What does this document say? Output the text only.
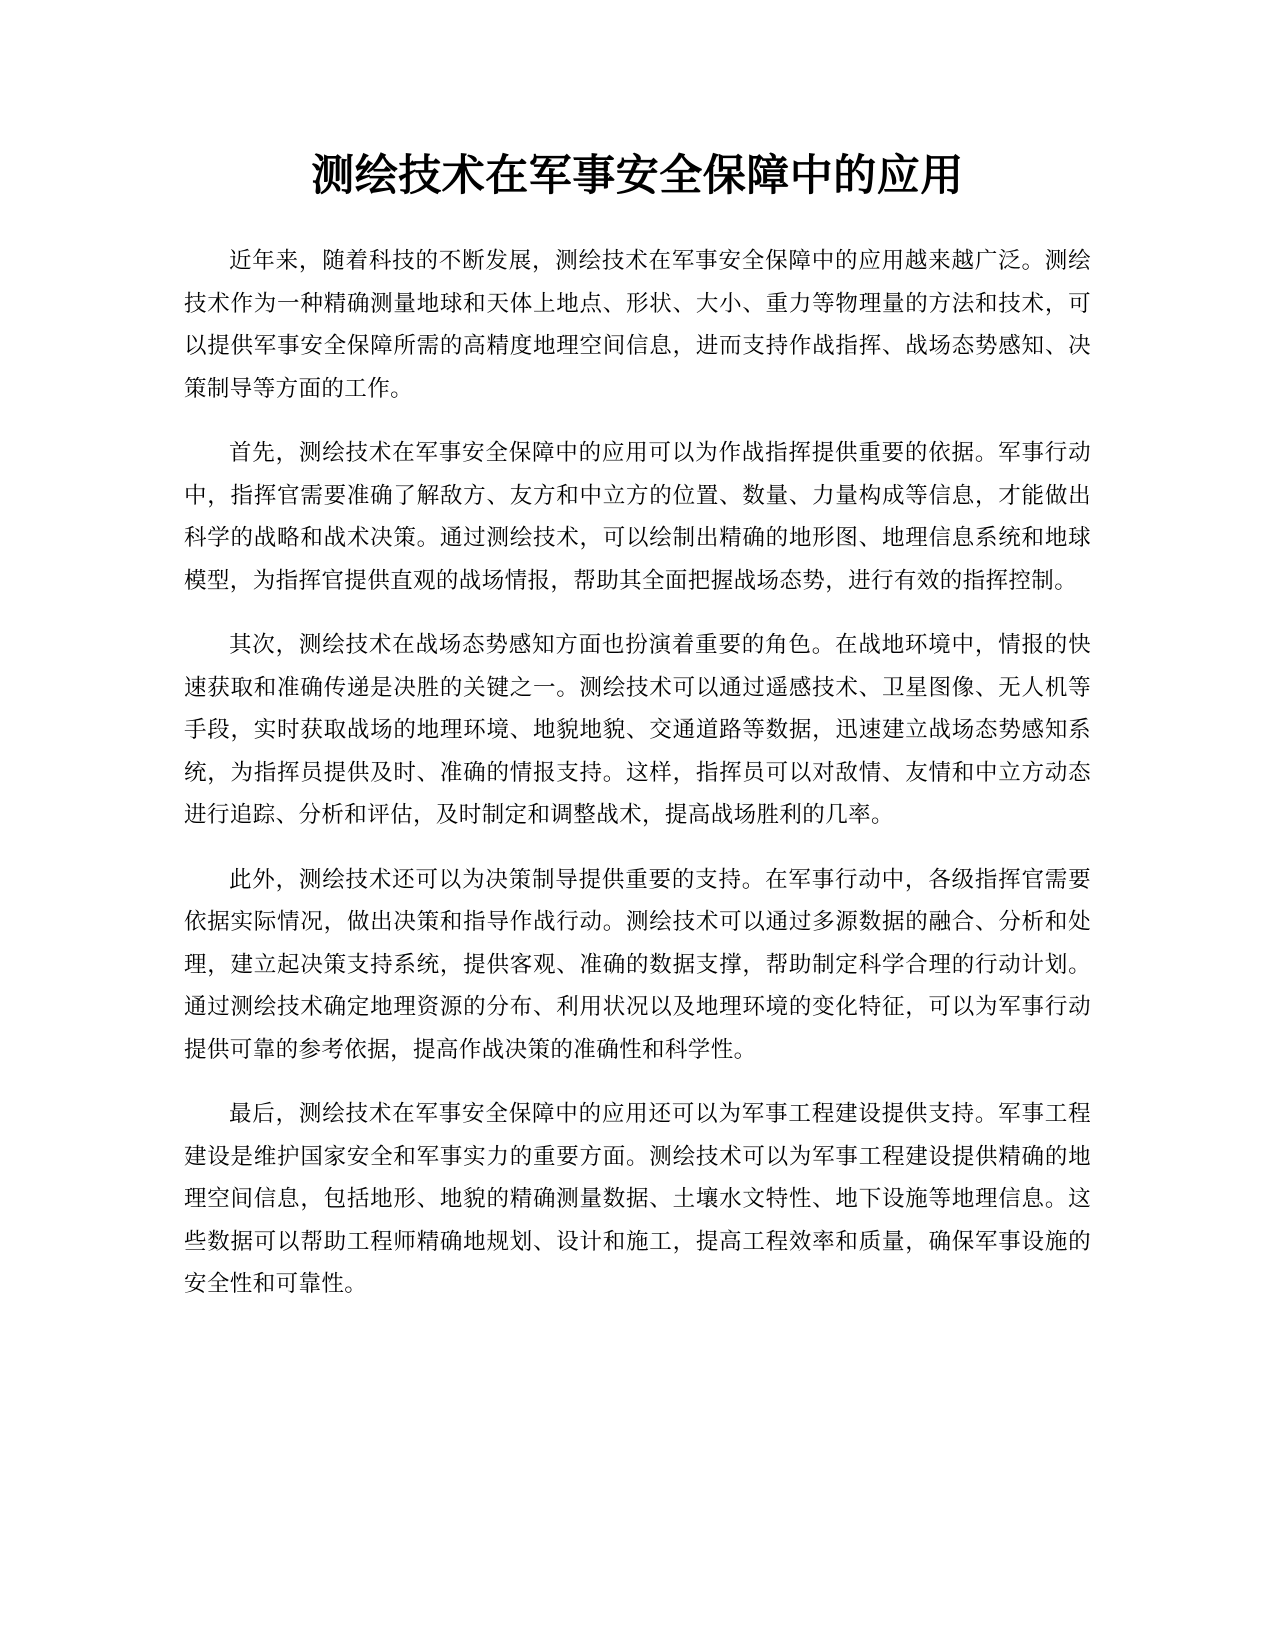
测绘技术在军事安全保障中的应用

近年来，随着科技的不断发展，测绘技术在军事安全保障中的应用越来越广泛。测绘技术作为一种精确测量地球和天体上地点、形状、大小、重力等物理量的方法和技术，可以提供军事安全保障所需的高精度地理空间信息，进而支持作战指挥、战场态势感知、决策制导等方面的工作。

首先，测绘技术在军事安全保障中的应用可以为作战指挥提供重要的依据。军事行动中，指挥官需要准确了解敌方、友方和中立方的位置、数量、力量构成等信息，才能做出科学的战略和战术决策。通过测绘技术，可以绘制出精确的地形图、地理信息系统和地球模型，为指挥官提供直观的战场情报，帮助其全面把握战场态势，进行有效的指挥控制。

其次，测绘技术在战场态势感知方面也扮演着重要的角色。在战地环境中，情报的快速获取和准确传递是决胜的关键之一。测绘技术可以通过遥感技术、卫星图像、无人机等手段，实时获取战场的地理环境、地貌地貌、交通道路等数据，迅速建立战场态势感知系统，为指挥员提供及时、准确的情报支持。这样，指挥员可以对敌情、友情和中立方动态进行追踪、分析和评估，及时制定和调整战术，提高战场胜利的几率。

此外，测绘技术还可以为决策制导提供重要的支持。在军事行动中，各级指挥官需要依据实际情况，做出决策和指导作战行动。测绘技术可以通过多源数据的融合、分析和处理，建立起决策支持系统，提供客观、准确的数据支撑，帮助制定科学合理的行动计划。通过测绘技术确定地理资源的分布、利用状况以及地理环境的变化特征，可以为军事行动提供可靠的参考依据，提高作战决策的准确性和科学性。

最后，测绘技术在军事安全保障中的应用还可以为军事工程建设提供支持。军事工程建设是维护国家安全和军事实力的重要方面。测绘技术可以为军事工程建设提供精确的地理空间信息，包括地形、地貌的精确测量数据、土壤水文特性、地下设施等地理信息。这些数据可以帮助工程师精确地规划、设计和施工，提高工程效率和质量，确保军事设施的安全性和可靠性。
